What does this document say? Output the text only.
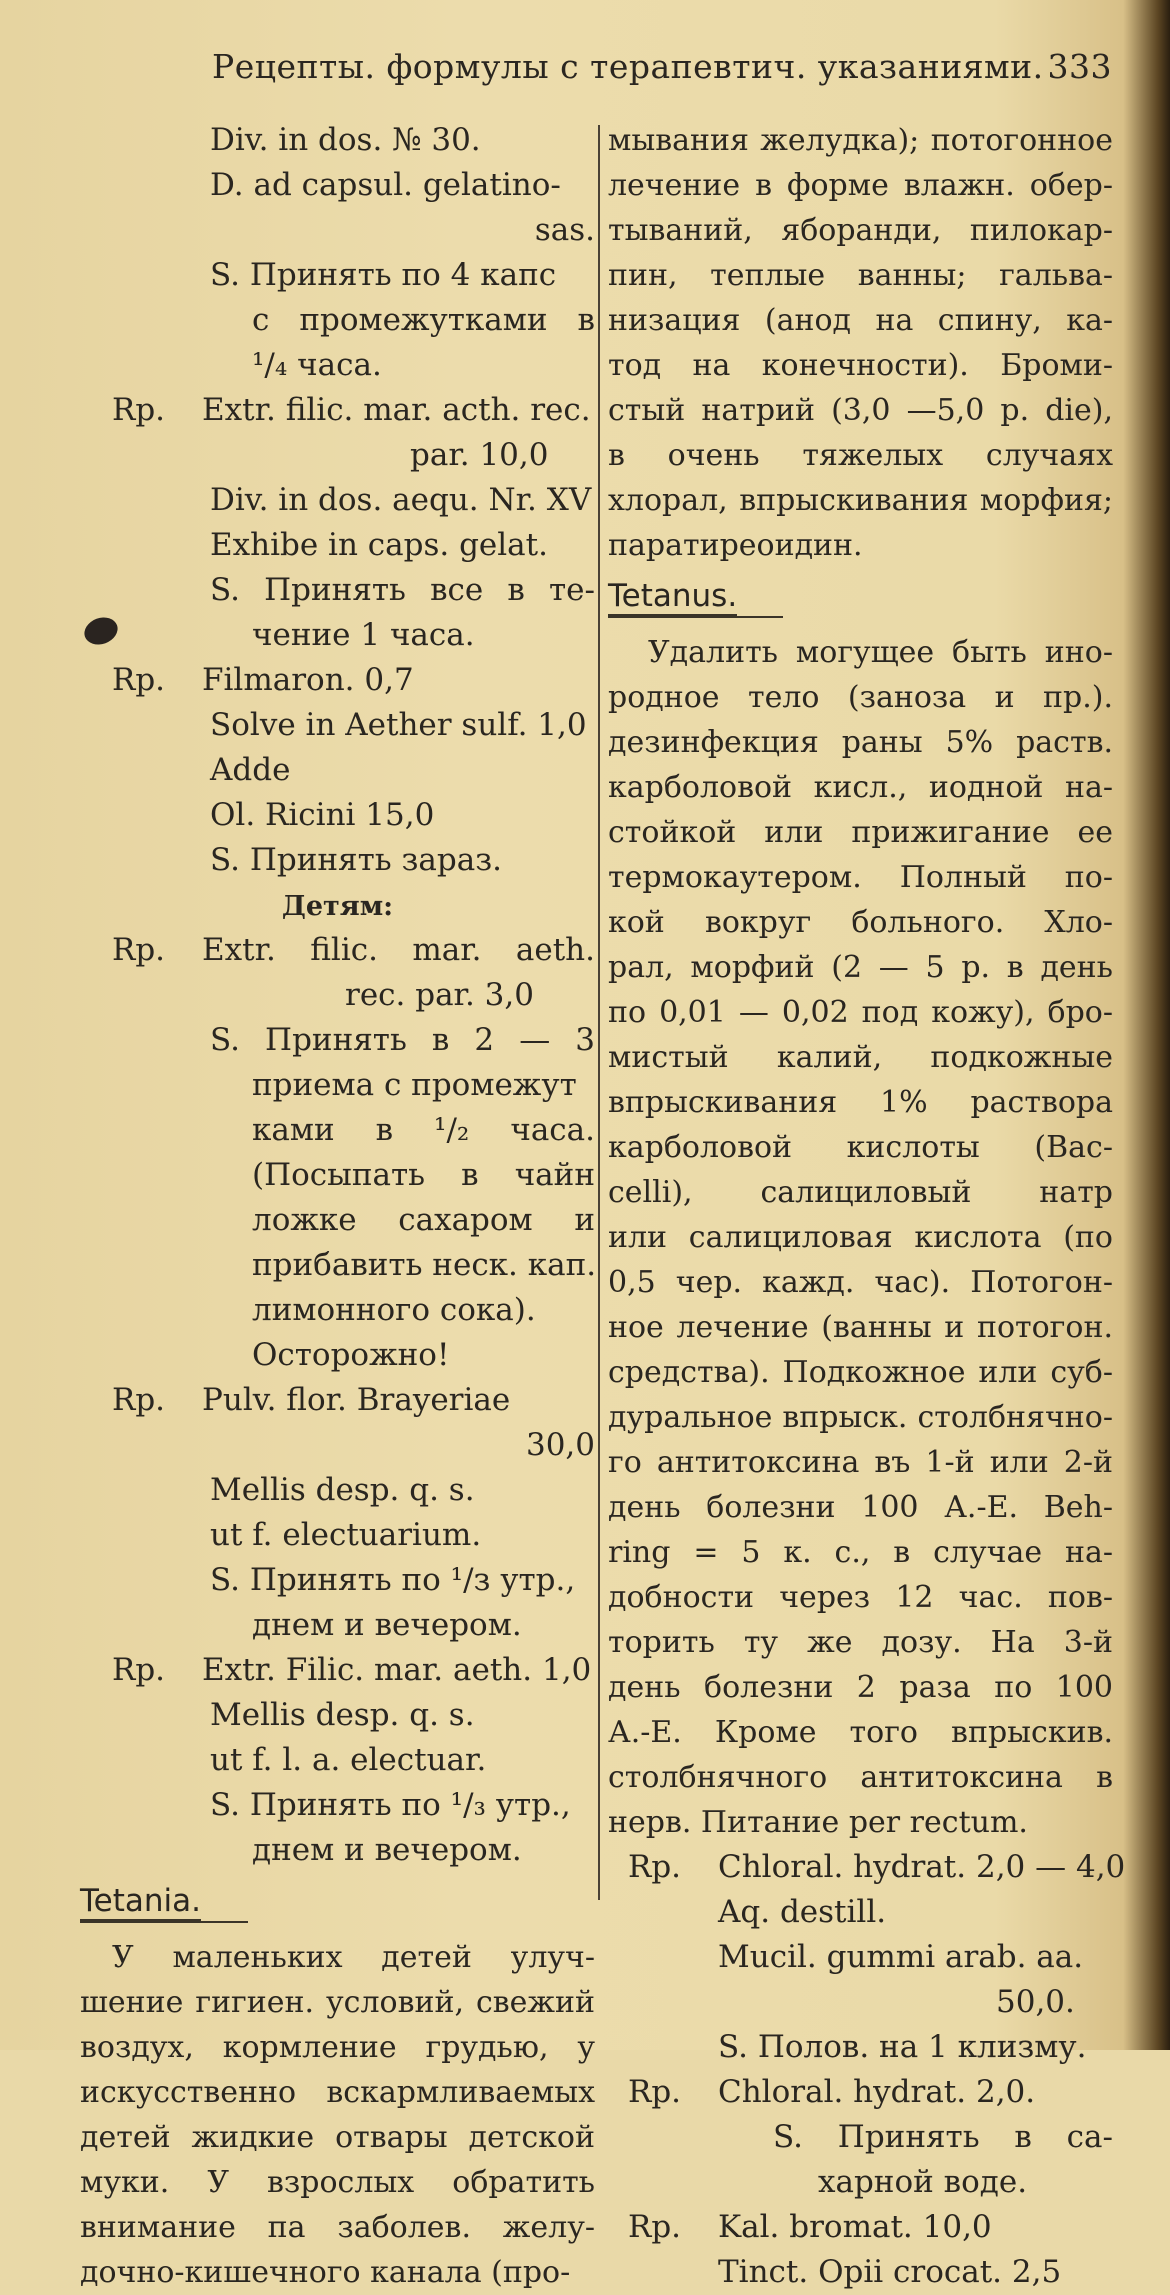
Рецепты. формулы с терапевтич. указаниями. 333
Div. in dos. № 30.
D. ad capsul. gelatino-
sas.
S. Принять по 4 капс
с промежутками в
¹/₄ часа.
Rp. Extr. filic. mar. acth. rec.
par. 10,0
Div. in dos. aequ. Nr. XV
Exhibe in caps. gelat.
S. Принять все в те-
чение 1 часа.
Rp. Filmaron. 0,7
Solve in Aether sulf. 1,0
Adde
Ol. Ricini 15,0
S. Принять зараз.
Детям:
Rp. Extr. filic. mar. aeth.
rec. par. 3,0
S. Принять в 2 — 3
приема с промежут
ками в ¹/₂ часа.
(Посыпать в чайн
ложке сахаром и
прибавить неск. кап.
лимонного сока).
Осторожно!
Rp. Pulv. flor. Brayeriae
30,0
Mellis desp. q. s.
ut f. electuarium.
S. Принять по ¹/з утр.,
днем и вечером.
Rp. Extr. Filic. mar. aeth. 1,0
Mellis desp. q. s.
ut f. l. a. electuar.
S. Принять по ¹/₃ утр.,
днем и вечером.
Tetania.
У маленьких детей улуч-
шение гигиен. условий, свежий
воздух, кормление грудью, у
искусственно вскармливаемых
детей жидкие отвары детской
муки. У взрослых обратить
внимание па заболев. желу-
дочно-кишечного канала (про-
мывания желудка); потогонное
лечение в форме влажн. обер-
тываний, яборанди, пилокар-
пин, теплые ванны; гальва-
низация (анод на спину, ка-
тод на конечности). Броми-
стый натрий (3,0 —5,0 р. die),
в очень тяжелых случаях
хлорал, впрыскивания морфия;
паратиреоидин.
Tetanus.
Удалить могущее быть ино-
родное тело (заноза и пр.).
дезинфекция раны 5% раств.
карболовой кисл., иодной на-
стойкой или прижигание ее
термокаутером. Полный по-
кой вокруг больного. Хло-
рал, морфий (2 — 5 р. в день
по 0,01 — 0,02 под кожу), бро-
мистый калий, подкожные
впрыскивания 1% раствора
карболовой кислоты (Bac-
celli), салициловый натр
или салициловая кислота (по
0,5 чер. кажд. час). Потогон-
ное лечение (ванны и потогон.
средства). Подкожное или суб-
дуральное впрыск. столбнячно-
го антитоксина въ 1-й или 2-й
день болезни 100 А.-Е. Beh-
ring = 5 к. с., в случае на-
добности через 12 час. пов-
торить ту же дозу. На 3-й
день болезни 2 раза по 100
А.-Е. Кроме того впрыскив.
столбнячного антитоксина в
нерв. Питание per rectum.
Rp. Chloral. hydrat. 2,0 — 4,0
Aq. destill.
Mucil. gummi arab. aa.
50,0.
S. Полов. на 1 клизму.
Rp. Chloral. hydrat. 2,0.
S. Принять в са-
харной воде.
Rp. Kal. bromat. 10,0
Tinct. Opii crocat. 2,5
